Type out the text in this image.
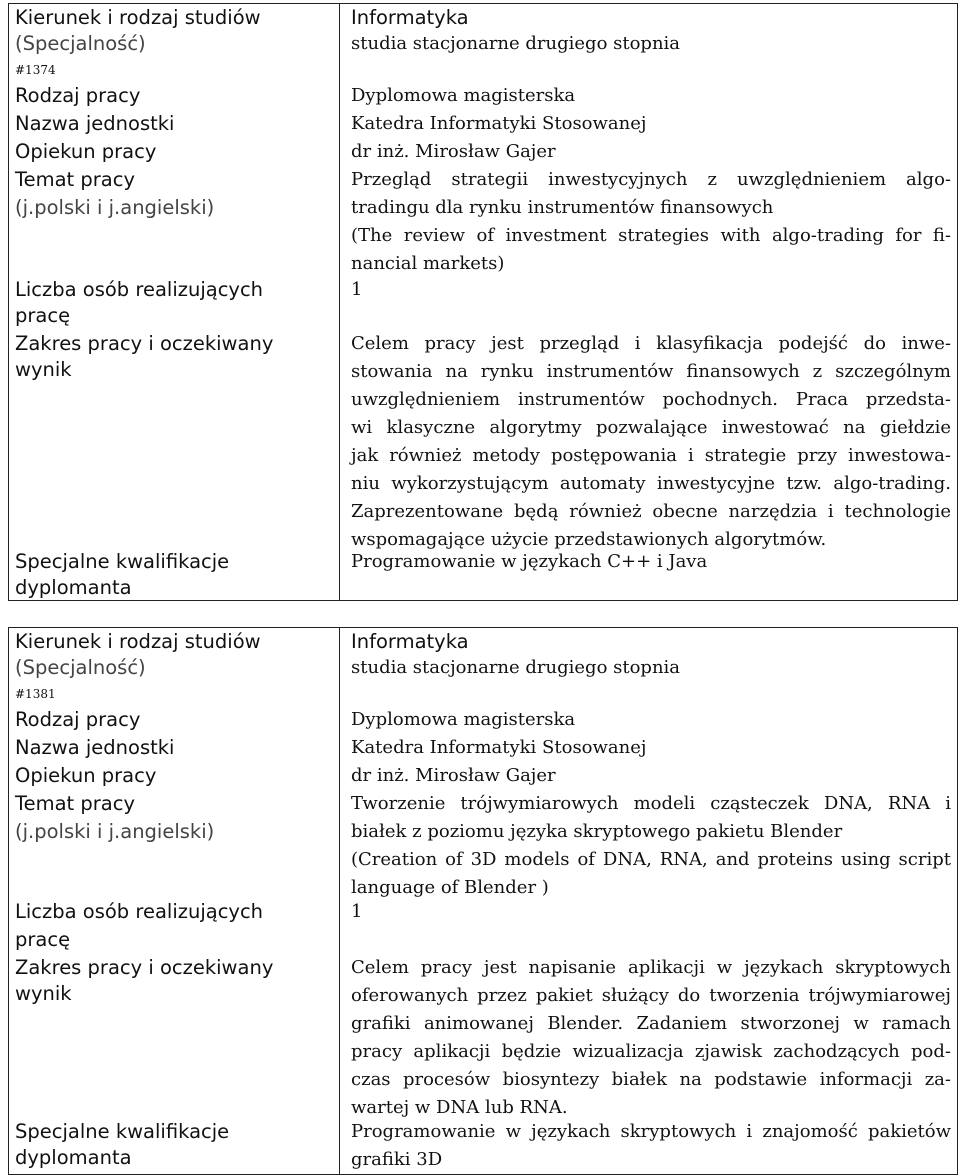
Kierunek i rodzaj studiów
(Specjalność)
#1374
Rodzaj pracy
Nazwa jednostki
Opiekun pracy
Temat pracy
(j.polski i j.angielski)
Liczba osób realizujących
pracę
Zakres pracy i oczekiwany
wynik
Specjalne kwalifikacje
dyplomanta
Informatyka
studia stacjonarne drugiego stopnia
Dyplomowa magisterska
Katedra Informatyki Stosowanej
dr inż. Mirosław Gajer
Przegląd strategii inwestycyjnych z uwzględnieniem algo-
tradingu dla rynku instrumentów finansowych
(The review of investment strategies with algo-trading for fi-
nancial markets)
1
Celem pracy jest przegląd i klasyfikacja podejść do inwe-
stowania na rynku instrumentów finansowych z szczególnym
uwzględnieniem instrumentów pochodnych. Praca przedsta-
wi klasyczne algorytmy pozwalające inwestować na giełdzie
jak również metody postępowania i strategie przy inwestowa-
niu wykorzystującym automaty inwestycyjne tzw. algo-trading.
Zaprezentowane będą również obecne narzędzia i technologie
wspomagające użycie przedstawionych algorytmów.
Programowanie w językach C++ i Java
Kierunek i rodzaj studiów
(Specjalność)
#1381
Rodzaj pracy
Nazwa jednostki
Opiekun pracy
Temat pracy
(j.polski i j.angielski)
Liczba osób realizujących
pracę
Zakres pracy i oczekiwany
wynik
Specjalne kwalifikacje
dyplomanta
Informatyka
studia stacjonarne drugiego stopnia
Dyplomowa magisterska
Katedra Informatyki Stosowanej
dr inż. Mirosław Gajer
Tworzenie trójwymiarowych modeli cząsteczek DNA, RNA i
białek z poziomu języka skryptowego pakietu Blender
(Creation of 3D models of DNA, RNA, and proteins using script
language of Blender )
1
Celem pracy jest napisanie aplikacji w językach skryptowych
oferowanych przez pakiet służący do tworzenia trójwymiarowej
grafiki animowanej Blender. Zadaniem stworzonej w ramach
pracy aplikacji będzie wizualizacja zjawisk zachodzących pod-
czas procesów biosyntezy białek na podstawie informacji za-
wartej w DNA lub RNA.
Programowanie w językach skryptowych i znajomość pakietów
grafiki 3D
